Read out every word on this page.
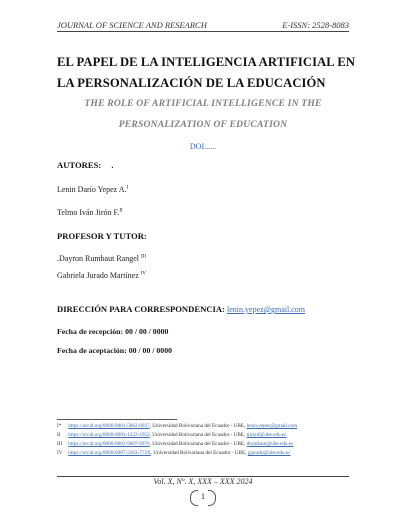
JOURNAL OF SCIENCE AND RESEARCH	E-ISSN: 2528-8083
EL PAPEL DE LA INTELIGENCIA ARTIFICIAL EN LA PERSONALIZACIÓN DE LA EDUCACIÓN
THE ROLE OF ARTIFICIAL INTELLIGENCE IN THE PERSONALIZATION OF EDUCATION
DOI......
AUTORES: .
Lenin Darío Yepez A.$^I$
Telmo Iván Jirón F.$^{II}$
PROFESOR Y TUTOR:
.Dayron Rumbaut Rangel $^{III}$
Gabriela Jurado Martínez $^{IV}$
DIRECCIÓN PARA CORRESPONDENCIA: lenin.yepez@gmail.com
Fecha de recepción: 00 / 00 / 0000
Fecha de aceptación: 00 / 00 / 0000
I* https://orcid.org/0000-0001-5862-0937, Universidad Bolivariana del Ecuador - UBE, lenin.yepez@gmail.com
II https://orcid.org/0000-0001-1222-2952, Universidad Bolivariana del Ecuador - UBE, tjironf@ube.edu.ec
III https://orcid.org/0000-0001-9007-0976, Universidad Bolivariana del Ecuador - UBE, drumbaut@ube.edu.ec
IV https://orcid.org/0000-0007-3363-772X, Universidad Bolivariana del Ecuador - UBE, gjurado@ube.edu.ec
Vol. X, Nº. X, XXX – XXX 2024
1
